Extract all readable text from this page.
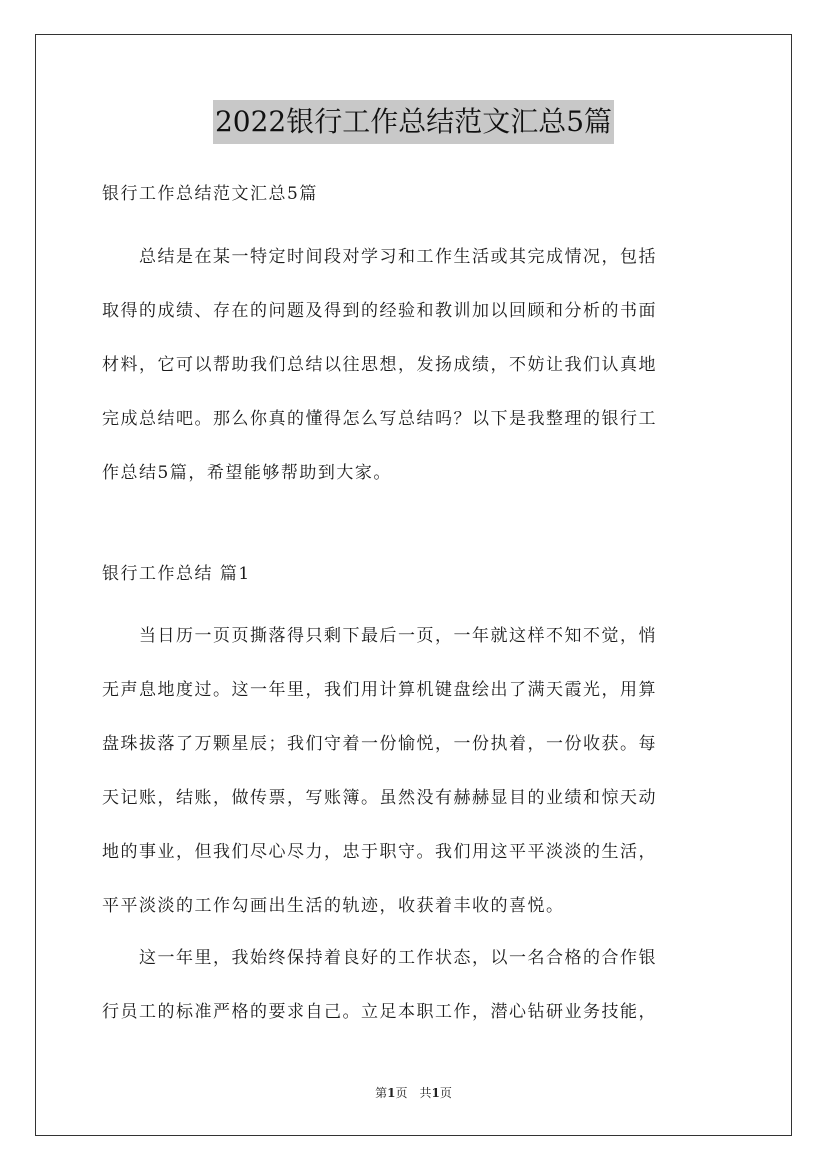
2022银行工作总结范文汇总5篇
银行工作总结范文汇总5篇
　　总结是在某一特定时间段对学习和工作生活或其完成情况，包括
取得的成绩、存在的问题及得到的经验和教训加以回顾和分析的书面
材料，它可以帮助我们总结以往思想，发扬成绩，不妨让我们认真地
完成总结吧。那么你真的懂得怎么写总结吗？以下是我整理的银行工
作总结5篇，希望能够帮助到大家。
银行工作总结 篇1
　　当日历一页页撕落得只剩下最后一页，一年就这样不知不觉，悄
无声息地度过。这一年里，我们用计算机键盘绘出了满天霞光，用算
盘珠拔落了万颗星辰；我们守着一份愉悦，一份执着，一份收获。每
天记账，结账，做传票，写账簿。虽然没有赫赫显目的业绩和惊天动
地的事业，但我们尽心尽力，忠于职守。我们用这平平淡淡的生活，
平平淡淡的工作勾画出生活的轨迹，收获着丰收的喜悦。
　　这一年里，我始终保持着良好的工作状态，以一名合格的合作银
行员工的标准严格的要求自己。立足本职工作，潜心钻研业务技能，
第1页　共1页
